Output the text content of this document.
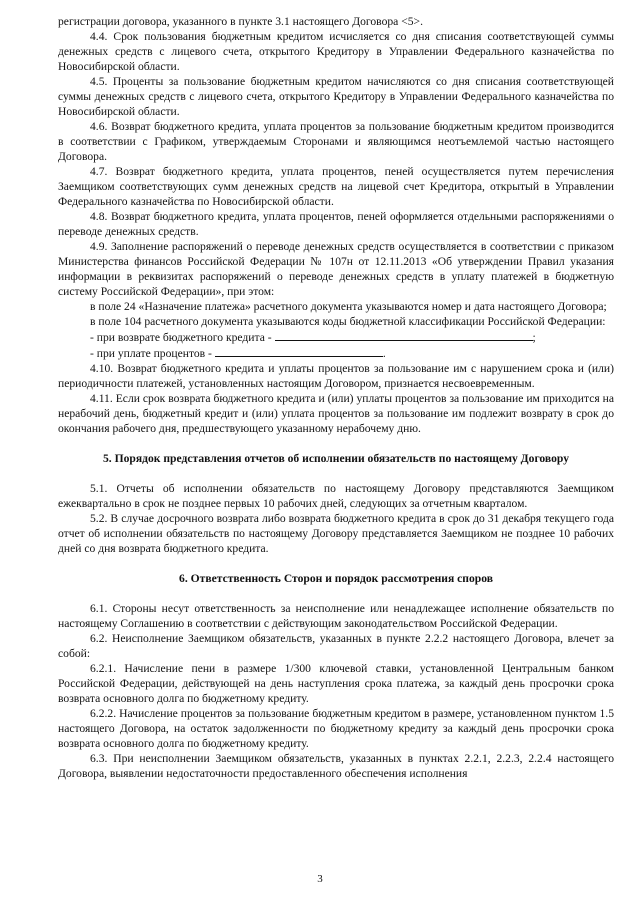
регистрации договора, указанного в пункте 3.1 настоящего Договора <5>.

4.4. Срок пользования бюджетным кредитом исчисляется со дня списания соответствующей суммы денежных средств с лицевого счета, открытого Кредитору в Управлении Федерального казначейства по Новосибирской области.

4.5. Проценты за пользование бюджетным кредитом начисляются со дня списания соответствующей суммы денежных средств с лицевого счета, открытого Кредитору в Управлении Федерального казначейства по Новосибирской области.

4.6. Возврат бюджетного кредита, уплата процентов за пользование бюджетным кредитом производится в соответствии с Графиком, утверждаемым Сторонами и являющимся неотъемлемой частью настоящего Договора.

4.7. Возврат бюджетного кредита, уплата процентов, пеней осуществляется путем перечисления Заемщиком соответствующих сумм денежных средств на лицевой счет Кредитора, открытый в Управлении Федерального казначейства по Новосибирской области.

4.8. Возврат бюджетного кредита, уплата процентов, пеней оформляется отдельными распоряжениями о переводе денежных средств.

4.9. Заполнение распоряжений о переводе денежных средств осуществляется в соответствии с приказом Министерства финансов Российской Федерации № 107н от 12.11.2013 «Об утверждении Правил указания информации в реквизитах распоряжений о переводе денежных средств в уплату платежей в бюджетную систему Российской Федерации», при этом:

в поле 24 «Назначение платежа» расчетного документа указываются номер и дата настоящего Договора;

в поле 104 расчетного документа указываются коды бюджетной классификации Российской Федерации:

- при возврате бюджетного кредита -	;

- при уплате процентов -	.

4.10. Возврат бюджетного кредита и уплаты процентов за пользование им с нарушением срока и (или) периодичности платежей, установленных настоящим Договором, признается несвоевременным.

4.11. Если срок возврата бюджетного кредита и (или) уплаты процентов за пользование им приходится на нерабочий день, бюджетный кредит и (или) уплата процентов за пользование им подлежит возврату в срок до окончания рабочего дня, предшествующего указанному нерабочему дню.

5. Порядок представления отчетов об исполнении обязательств по настоящему Договору

5.1. Отчеты об исполнении обязательств по настоящему Договору представляются Заемщиком ежеквартально в срок не позднее первых 10 рабочих дней, следующих за отчетным кварталом.

5.2. В случае досрочного возврата либо возврата бюджетного кредита в срок до 31 декабря текущего года отчет об исполнении обязательств по настоящему Договору представляется Заемщиком не позднее 10 рабочих дней со дня возврата бюджетного кредита.

6. Ответственность Сторон и порядок рассмотрения споров

6.1. Стороны несут ответственность за неисполнение или ненадлежащее исполнение обязательств по настоящему Соглашению в соответствии с действующим законодательством Российской Федерации.

6.2. Неисполнение Заемщиком обязательств, указанных в пункте 2.2.2 настоящего Договора, влечет за собой:

6.2.1. Начисление пени в размере 1/300 ключевой ставки, установленной Центральным банком Российской Федерации, действующей на день наступления срока платежа, за каждый день просрочки срока возврата основного долга по бюджетному кредиту.

6.2.2. Начисление процентов за пользование бюджетным кредитом в размере, установленном пунктом 1.5 настоящего Договора, на остаток задолженности по бюджетному кредиту за каждый день просрочки срока возврата основного долга по бюджетному кредиту.

6.3. При неисполнении Заемщиком обязательств, указанных в пунктах 2.2.1, 2.2.3, 2.2.4 настоящего Договора, выявлении недостаточности предоставленного обеспечения исполнения

3
